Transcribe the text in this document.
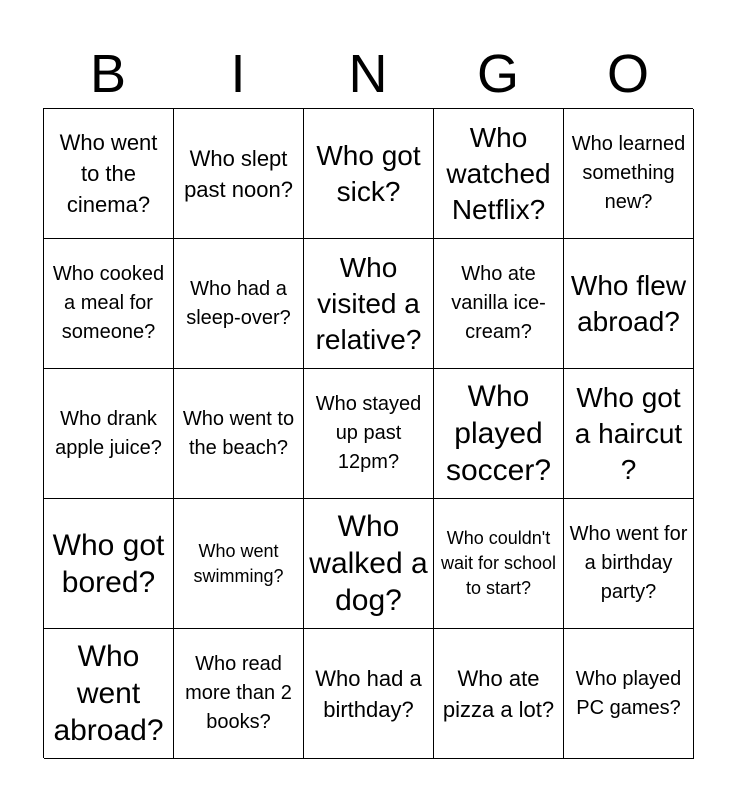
B	I	N	G	O
Who went to the cinema?
Who slept past noon?
Who got sick?
Who watched Netflix?
Who learned something new?
Who cooked a meal for someone?
Who had a sleep-over?
Who visited a relative?
Who ate vanilla ice-cream?
Who flew abroad?
Who drank apple juice?
Who went to the beach?
Who stayed up past 12pm?
Who played soccer?
Who got a haircut ?
Who got bored?
Who went swimming?
Who walked a dog?
Who couldn't wait for school to start?
Who went for a birthday party?
Who went abroad?
Who read more than 2 books?
Who had a birthday?
Who ate pizza a lot?
Who played PC games?
